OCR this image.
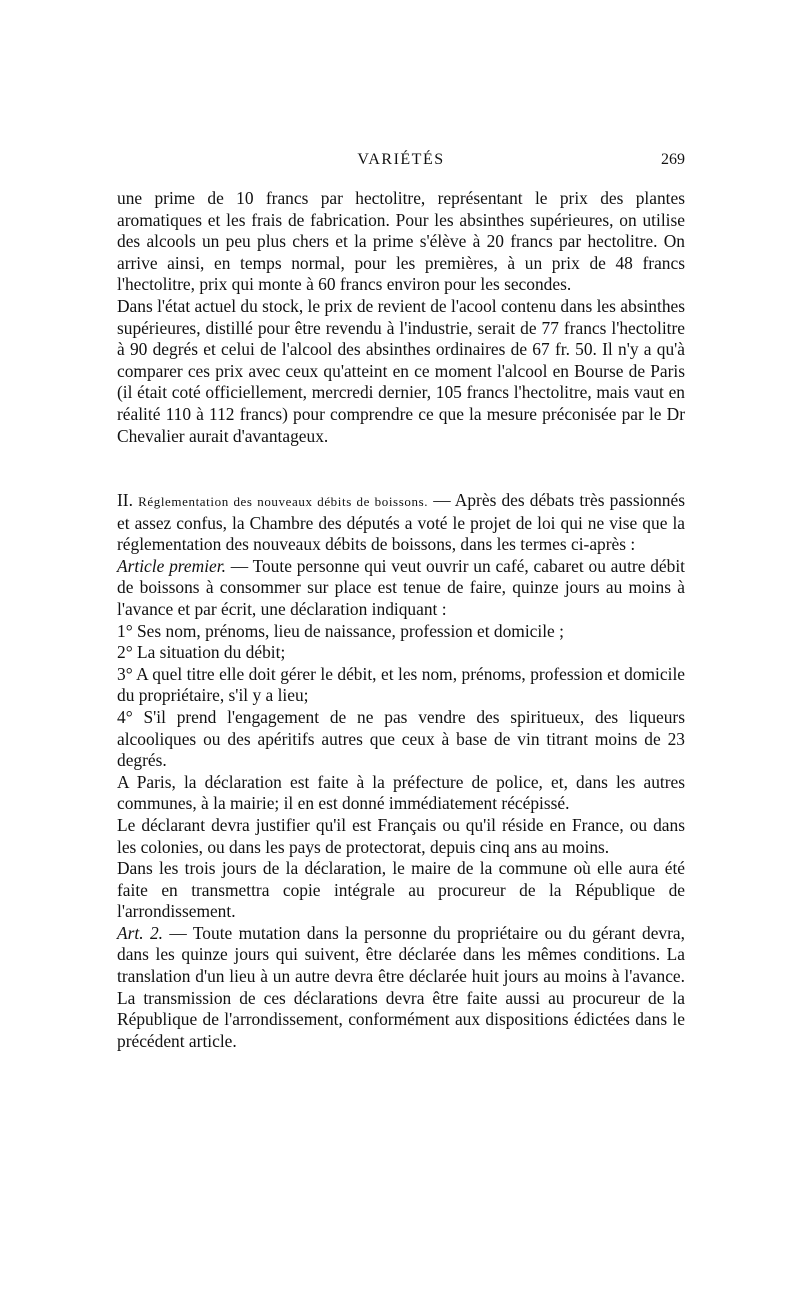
VARIÉTÉS	269

une prime de 10 francs par hectolitre, représentant le prix des plantes aromatiques et les frais de fabrication. Pour les absinthes supérieures, on utilise des alcools un peu plus chers et la prime s'élève à 20 francs par hectolitre. On arrive ainsi, en temps normal, pour les premières, à un prix de 48 francs l'hectolitre, prix qui monte à 60 francs environ pour les secondes.

Dans l'état actuel du stock, le prix de revient de l'acool contenu dans les absinthes supérieures, distillé pour être revendu à l'industrie, serait de 77 francs l'hectolitre à 90 degrés et celui de l'alcool des absinthes ordinaires de 67 fr. 50. Il n'y a qu'à comparer ces prix avec ceux qu'atteint en ce moment l'alcool en Bourse de Paris (il était coté officiellement, mercredi dernier, 105 francs l'hectolitre, mais vaut en réalité 110 à 112 francs) pour comprendre ce que la mesure préconisée par le Dr Chevalier aurait d'avantageux.

II. Réglementation des nouveaux débits de boissons. — Après des débats très passionnés et assez confus, la Chambre des députés a voté le projet de loi qui ne vise que la réglementation des nouveaux débits de boissons, dans les termes ci-après :

Article premier. — Toute personne qui veut ouvrir un café, cabaret ou autre débit de boissons à consommer sur place est tenue de faire, quinze jours au moins à l'avance et par écrit, une déclaration indiquant :

1° Ses nom, prénoms, lieu de naissance, profession et domicile ;

2° La situation du débit;

3° A quel titre elle doit gérer le débit, et les nom, prénoms, profession et domicile du propriétaire, s'il y a lieu;

4° S'il prend l'engagement de ne pas vendre des spiritueux, des liqueurs alcooliques ou des apéritifs autres que ceux à base de vin titrant moins de 23 degrés.

A Paris, la déclaration est faite à la préfecture de police, et, dans les autres communes, à la mairie; il en est donné immédiatement récépissé.

Le déclarant devra justifier qu'il est Français ou qu'il réside en France, ou dans les colonies, ou dans les pays de protectorat, depuis cinq ans au moins.

Dans les trois jours de la déclaration, le maire de la commune où elle aura été faite en transmettra copie intégrale au procureur de la République de l'arrondissement.

Art. 2. — Toute mutation dans la personne du propriétaire ou du gérant devra, dans les quinze jours qui suivent, être déclarée dans les mêmes conditions. La translation d'un lieu à un autre devra être déclarée huit jours au moins à l'avance. La transmission de ces déclarations devra être faite aussi au procureur de la République de l'arrondissement, conformément aux dispositions édictées dans le précédent article.
